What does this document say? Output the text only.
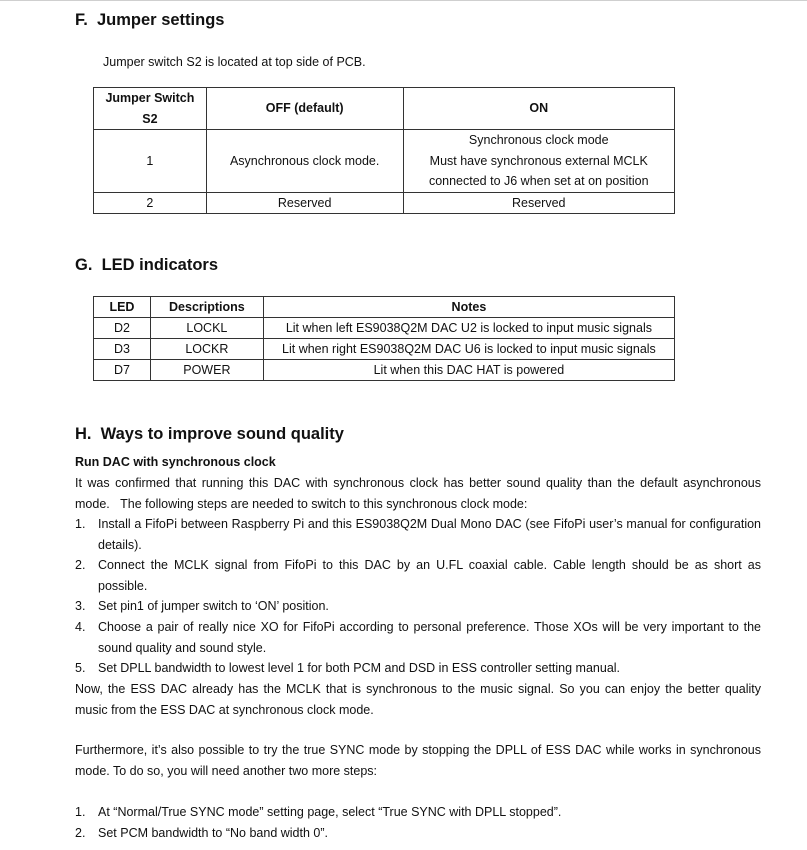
F.  Jumper settings

Jumper switch S2 is located at top side of PCB.

Jumper Switch
S2	OFF (default)	ON
1	Asynchronous clock mode.	Synchronous clock mode
Must have synchronous external MCLK
connected to J6 when set at on position

2	Reserved	Reserved
G.  LED indicators
LED	Descriptions	Notes
D2	LOCKL	Lit when left ES9038Q2M DAC U2 is locked to input music signals
D3	LOCKR	Lit when right ES9038Q2M DAC U6 is locked to input music signals
D7	POWER	Lit when this DAC HAT is powered
H.  Ways to improve sound quality

Run DAC with synchronous clock

It was confirmed that running this DAC with synchronous clock has better sound quality than the default asynchronous mode.   The following steps are needed to switch to this synchronous clock mode:

1. Install a FifoPi between Raspberry Pi and this ES9038Q2M Dual Mono DAC (see FifoPi user’s manual for configuration details).
2. Connect the MCLK signal from FifoPi to this DAC by an U.FL coaxial cable. Cable length should be as short as possible.
3. Set pin1 of jumper switch to ‘ON’ position.
4. Choose a pair of really nice XO for FifoPi according to personal preference. Those XOs will be very important to the sound quality and sound style.
5. Set DPLL bandwidth to lowest level 1 for both PCM and DSD in ESS controller setting manual.

Now, the ESS DAC already has the MCLK that is synchronous to the music signal. So you can enjoy the better quality music from the ESS DAC at synchronous clock mode.

Furthermore, it’s also possible to try the true SYNC mode by stopping the DPLL of ESS DAC while works in synchronous mode. To do so, you will need another two more steps:

1. At “Normal/True SYNC mode” setting page, select “True SYNC with DPLL stopped”.
2. Set PCM bandwidth to “No band width 0”.
